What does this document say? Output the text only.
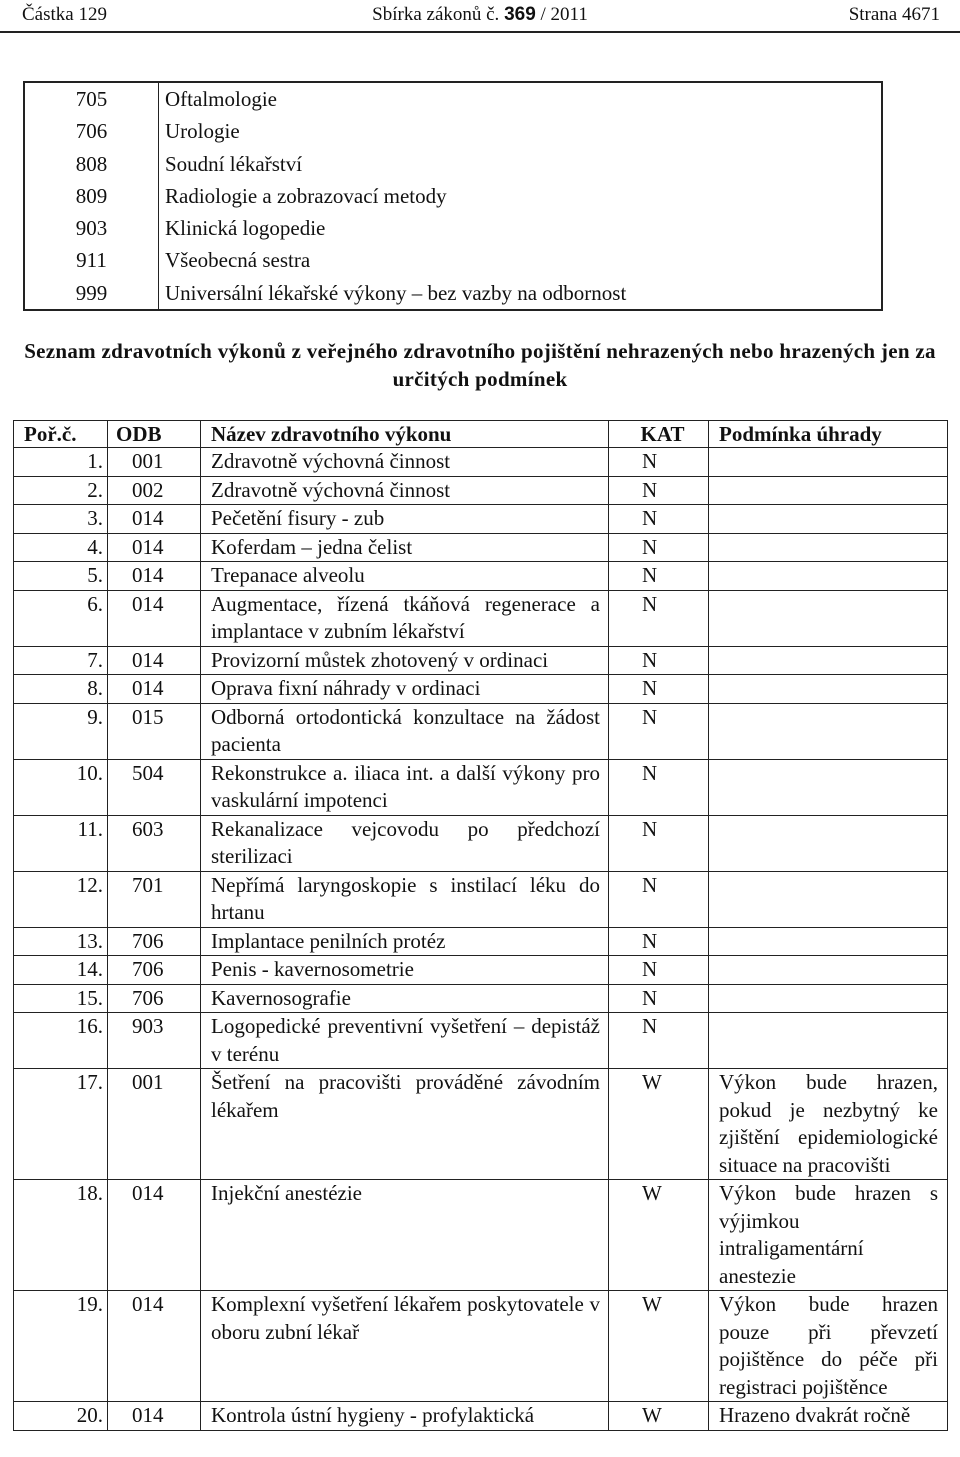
Částka 129	Sbírka zákonů č. 369 / 2011	Strana 4671
705	Oftalmologie
706	Urologie
808	Soudní lékařství
809	Radiologie a zobrazovací metody
903	Klinická logopedie
911	Všeobecná sestra
999	Universální lékařské výkony – bez vazby na odbornost
Seznam zdravotních výkonů z veřejného zdravotního pojištění nehrazených nebo hrazených jen za určitých podmínek
Poř.č.	ODB	Název zdravotního výkonu	KAT	Podmínka úhrady
1.	001	Zdravotně výchovná činnost	N	
2.	002	Zdravotně výchovná činnost	N	
3.	014	Pečetění fisury - zub	N	
4.	014	Koferdam – jedna čelist	N	
5.	014	Trepanace alveolu	N	
6.	014	Augmentace, řízená tkáňová regenerace a implantace v zubním lékařství	N	
7.	014	Provizorní můstek zhotovený v ordinaci	N	
8.	014	Oprava fixní náhrady v ordinaci	N	
9.	015	Odborná ortodontická konzultace na žádost pacienta	N	
10.	504	Rekonstrukce a. iliaca int. a další výkony pro vaskulární impotenci	N	
11.	603	Rekanalizace vejcovodu po předchozí sterilizaci	N	
12.	701	Nepřímá laryngoskopie s instilací léku do hrtanu	N	
13.	706	Implantace penilních protéz	N	
14.	706	Penis - kavernosometrie	N	
15.	706	Kavernosografie	N	
16.	903	Logopedické preventivní vyšetření – depistáž v terénu	N	
17.	001	Šetření na pracovišti prováděné závodním lékařem	W	Výkon bude hrazen, pokud je nezbytný ke zjištění epidemiologické situace na pracovišti
18.	014	Injekční anestézie	W	Výkon bude hrazen s výjimkou intraligamentární anestezie
19.	014	Komplexní vyšetření lékařem poskytovatele v oboru zubní lékař	W	Výkon bude hrazen pouze při převzetí pojištěnce do péče při registraci pojištěnce
20.	014	Kontrola ústní hygieny - profylaktická	W	Hrazeno dvakrát ročně
